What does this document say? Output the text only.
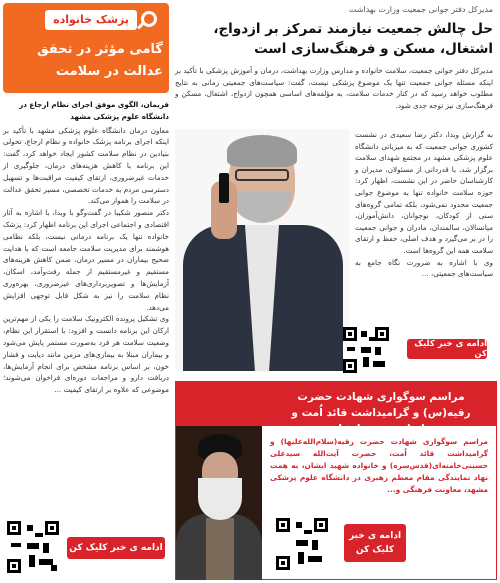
پزشک خانواده
گامی مؤثر در تحقق عدالت در سلامت
فریمان، الگوی موفق اجرای نظام ارجاع در دانشگاه علوم پزشکی مشهد

معاون درمان دانشگاه علوم پزشکی مشهد با تأکید بر اینکه اجرای برنامه پزشک خانواده و نظام ارجاع، تحولی بنیادین در نظام سلامت کشور ایجاد خواهد کرد، گفت: این برنامه با کاهش هزینه‌های درمان، جلوگیری از خدمات غیرضروری، ارتقای کیفیت مراقبت‌ها و تسهیل دسترسی مردم به خدمات تخصصی، مسیر تحقق عدالت در سلامت را هموار می‌کند.

دکتر منصور شکیبا در گفت‌وگو با وبدا، با اشاره به آثار اقتصادی و اجتماعی اجرای این برنامه اظهار کرد: پزشک خانواده تنها یک برنامه درمانی نیست، بلکه نظامی هوشمند برای مدیریت سلامت جامعه است که با هدایت صحیح بیماران در مسیر درمان، ضمن کاهش هزینه‌های مستقیم و غیرمستقیم از جمله رفت‌وآمد، اسکان، آزمایش‌ها و تصویربرداری‌های غیرضروری، بهره‌وری نظام سلامت را نیز به شکل قابل توجهی افزایش می‌دهد.

وی تشکیل پرونده الکترونیک سلامت را یکی از مهم‌ترین ارکان این برنامه دانست و افزود: با استقرار این نظام، وضعیت سلامت هر فرد به‌صورت مستمر پایش می‌شود و بیماران مبتلا به بیماری‌های مزمن مانند دیابت و فشار خون، بر اساس برنامه مشخص برای انجام آزمایش‌ها، دریافت دارو و مراجعات دوره‌ای فراخوان می‌شوند؛ موضوعی که علاوه بر ارتقای کیفیت ...

ادامه ی خبر کلیک کن
مدیرکل دفتر جوانی جمعیت وزارت بهداشت
حل چالش جمعیت نیازمند تمرکز بر ازدواج، اشتغال، مسکن و فرهنگ‌سازی است
مدیرکل دفتر جوانی جمعیت، سلامت خانواده و مدارس وزارت بهداشت، درمان و آموزش پزشکی با تأکید بر اینکه مسئله جوانی جمعیت تنها یک موضوع پزشکی نیست، گفت: سیاست‌های جمعیتی زمانی به نتایج مطلوب خواهد رسید که در کنار خدمات سلامت، به مؤلفه‌های اساسی همچون ازدواج، اشتغال، مسکن و فرهنگ‌سازی نیز توجه جدی شود.
به گزارش وبدا، دکتر رضا سعیدی در نشست کشوری جوانی جمعیت که به میزبانی دانشگاه علوم پزشکی مشهد در مجتمع شهدای سلامت برگزار شد، با قدردانی از مسئولان، مدیران و کارشناسان حاضر در این نشست، اظهار کرد: حوزه سلامت خانواده تنها به موضوع جوانی جمعیت محدود نمی‌شود، بلکه تمامی گروه‌های سنی از کودکان، نوجوانان، دانش‌آموزان، میانسالان، سالمندان، مادران و جوانی جمعیت را در بر می‌گیرد و هدف اصلی، حفظ و ارتقای سلامت همه این گروه‌ها است.
وی با اشاره به ضرورت نگاه جامع به سیاست‌های جمعیتی، ...
ادامه ی خبر کلیک کن
مراسم سوگواری شهادت حضرت رقیه(س) و گرامیداشت قائد اُمت و خانواده شهید ایشان
مراسم سوگواری شهادت حضرت رقیه(سلام‌الله‌علیها) و گرامیداشت قائد اُمت، حضرت آیت‌الله سید‌علی حسینی‌خامنه‌ای(قدس‌سره) و خانواده شهید ایشان، به همت نهاد نمایندگی مقام معظم رهبری در دانشگاه علوم پزشکی مشهد، معاونت فرهنگی و...
ادامه ی خبر کلیک کن
